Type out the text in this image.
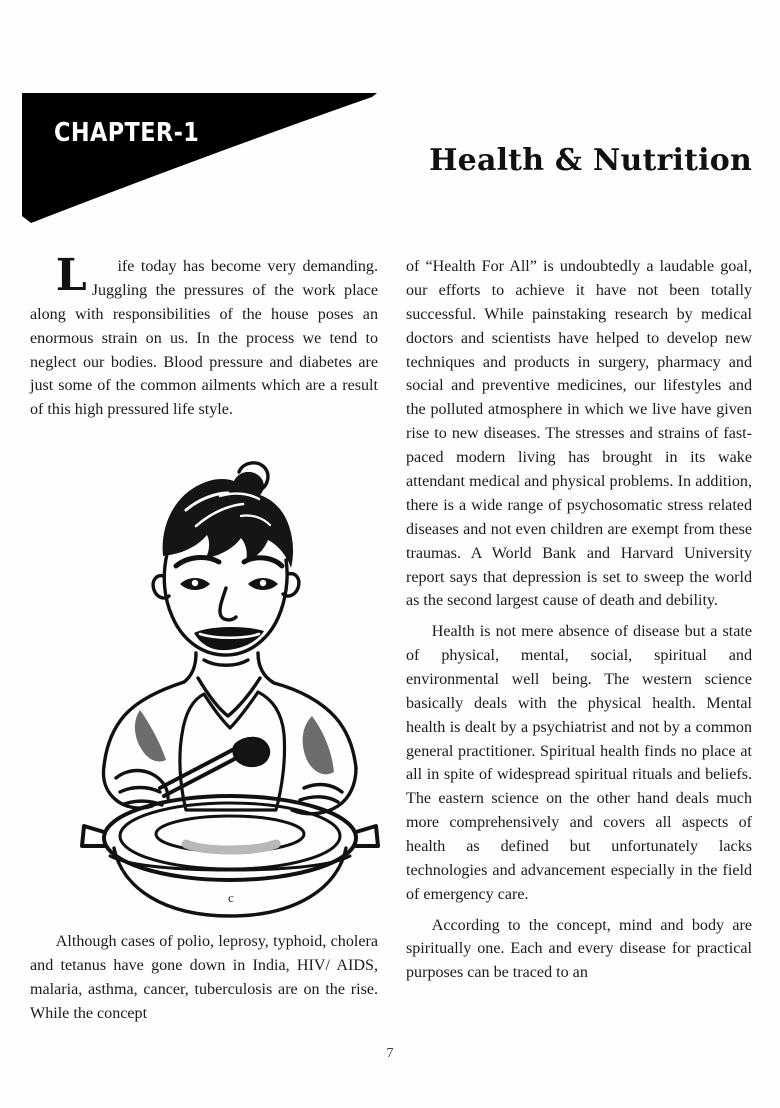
CHAPTER-1
Health & Nutrition

L	ife today has become very demanding. Juggling the pressures of the work place along with responsibilities of the house poses an enormous strain on us. In the process we tend to neglect our bodies. Blood pressure and diabetes are just some of the common ailments which are a result of this high pressured life style.

c

Although cases of polio, leprosy, typhoid, cholera and tetanus have gone down in India, HIV/ AIDS, malaria, asthma, cancer, tuberculosis are on the rise. While the concept

of “Health For All” is undoubtedly a laudable goal, our efforts to achieve it have not been totally successful. While painstaking research by medical doctors and scientists have helped to develop new techniques and products in surgery, pharmacy and social and preventive medicines, our lifestyles and the polluted atmosphere in which we live have given rise to new diseases. The stresses and strains of fast-paced modern living has brought in its wake attendant medical and physical problems. In addition, there is a wide range of psychosomatic stress related diseases and not even children are exempt from these traumas. A World Bank and Harvard University report says that depression is set to sweep the world as the second largest cause of death and debility.

Health is not mere absence of disease but a state of physical, mental, social, spiritual and environmental well being. The western science basically deals with the physical health. Mental health is dealt by a psychiatrist and not by a common general practitioner. Spiritual health finds no place at all in spite of widespread spiritual rituals and beliefs. The eastern science on the other hand deals much more comprehensively and covers all aspects of health as defined but unfortunately lacks technologies and advancement especially in the field of emergency care.

According to the concept, mind and body are spiritually one. Each and every disease for practical purposes can be traced to an

7
